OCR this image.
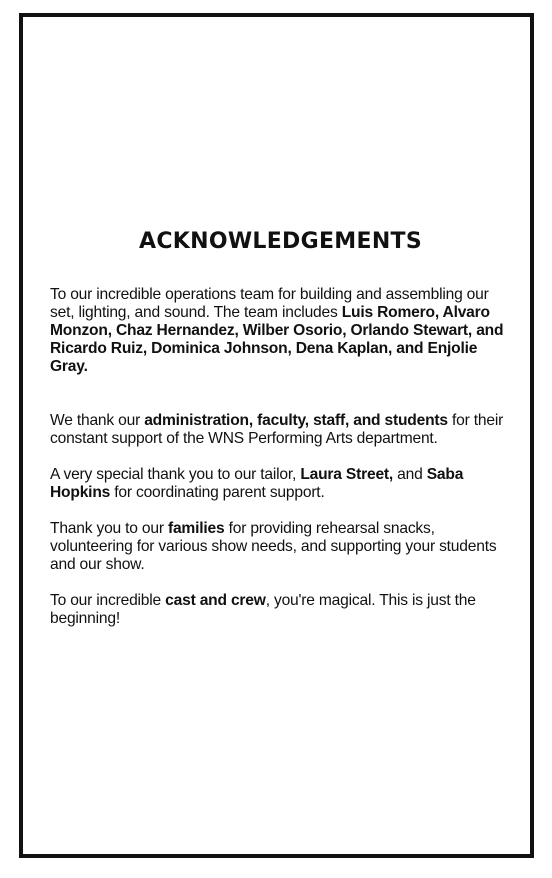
ACKNOWLEDGEMENTS

To our incredible operations team for building and assembling our set, lighting, and sound. The team includes Luis Romero, Alvaro Monzon, Chaz Hernandez, Wilber Osorio, Orlando Stewart, and Ricardo Ruiz, Dominica Johnson, Dena Kaplan, and Enjolie Gray.

We thank our administration, faculty, staff, and students for their constant support of the WNS Performing Arts department.

A very special thank you to our tailor, Laura Street, and Saba Hopkins for coordinating parent support.

Thank you to our families for providing rehearsal snacks, volunteering for various show needs, and supporting your students and our show.

To our incredible cast and crew, you're magical. This is just the beginning!
